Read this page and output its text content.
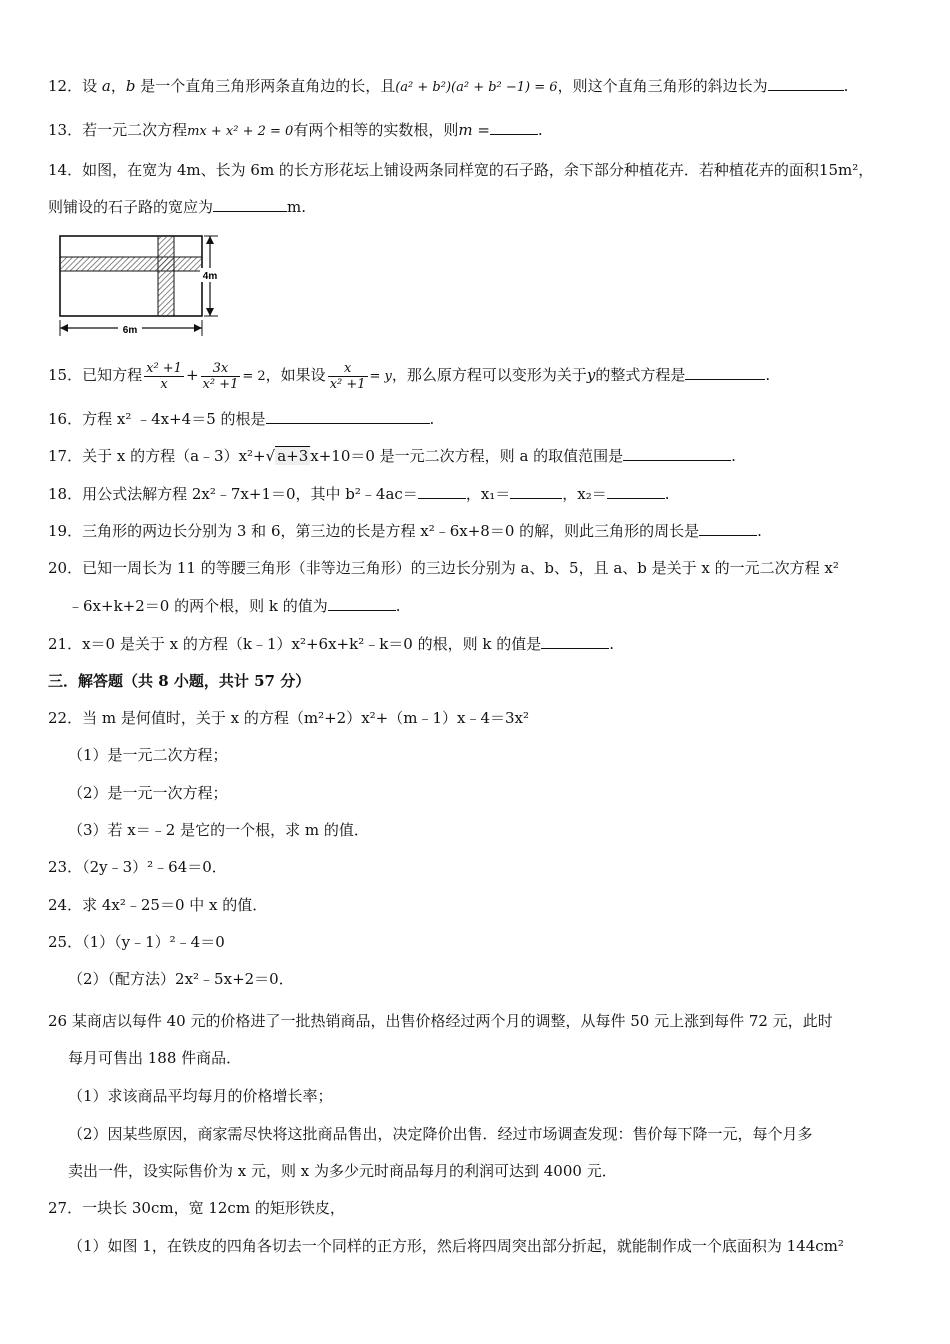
12．设 a，b 是一个直角三角形两条直角边的长，且(a² + b²)(a² + b² −1) = 6，则这个直角三角形的斜边长为	.
13．若一元二次方程mx + x² + 2 = 0有两个相等的实数根，则m =	.
14．如图，在宽为 4m、长为 6m 的长方形花坛上铺设两条同样宽的石子路，余下部分种植花卉．若种植花卉的面积15m²，
则铺设的石子路的宽应为	m.
4m
6m
15．已知方程 $\frac{\text{x² +1}}{x} + \frac{3x}{\text{x² +1}} = 2$，如果设 $\frac{x}{\text{x² +1}} = y$，那么原方程可以变形为关于y的整式方程是	.
16．方程 x² ﹣4x+4＝5 的根是	.
17．关于 x 的方程（a﹣3）x²+√ a+3 x+10＝0 是一元二次方程，则 a 的取值范围是	.
18．用公式法解方程 2x²﹣7x+1＝0，其中 b²﹣4ac＝	，x₁＝	，x₂＝	.
19．三角形的两边长分别为 3 和 6，第三边的长是方程 x²﹣6x+8＝0 的解，则此三角形的周长是	.
20．已知一周长为 11 的等腰三角形（非等边三角形）的三边长分别为 a、b、5，且 a、b 是关于 x 的一元二次方程 x²
﹣6x+k+2＝0 的两个根，则 k 的值为	.
21．x＝0 是关于 x 的方程（k﹣1）x²+6x+k²﹣k＝0 的根，则 k 的值是	.
三．解答题（共 8 小题，共计 57 分）
22．当 m 是何值时，关于 x 的方程（m²+2）x²+（m﹣1）x﹣4＝3x²
（1）是一元二次方程；
（2）是一元一次方程；
（3）若 x＝﹣2 是它的一个根，求 m 的值．
23．（2y﹣3）²﹣64＝0．
24．求 4x²﹣25＝0 中 x 的值．
25．（1）（y﹣1）²﹣4＝0
（2）（配方法）2x²﹣5x+2＝0．
26 某商店以每件 40 元的价格进了一批热销商品，出售价格经过两个月的调整，从每件 50 元上涨到每件 72 元，此时
每月可售出 188 件商品．
（1）求该商品平均每月的价格增长率；
（2）因某些原因，商家需尽快将这批商品售出，决定降价出售．经过市场调查发现：售价每下降一元，每个月多
卖出一件，设实际售价为 x 元，则 x 为多少元时商品每月的利润可达到 4000 元．
27．一块长 30cm，宽 12cm 的矩形铁皮，
（1）如图 1，在铁皮的四角各切去一个同样的正方形，然后将四周突出部分折起，就能制作成一个底面积为 144cm²
